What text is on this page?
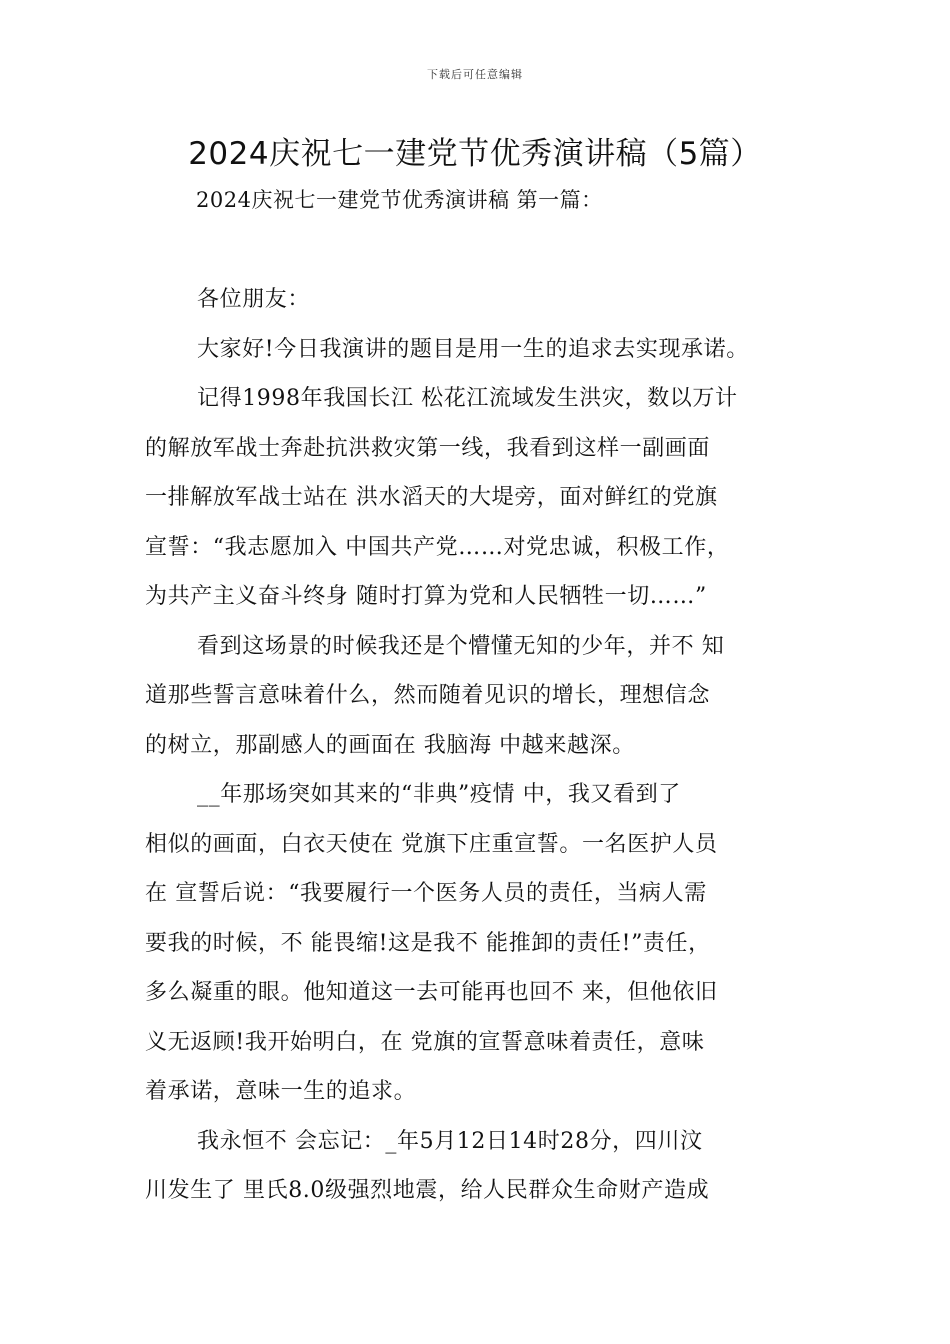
下载后可任意编辑
2024庆祝七一建党节优秀演讲稿（5篇）
2024庆祝七一建党节优秀演讲稿 第一篇：
各位朋友：
大家好!今日我演讲的题目是用一生的追求去实现承诺。
记得1998年我国长江 松花江流域发生洪灾，数以万计
的解放军战士奔赴抗洪救灾第一线，我看到这样一副画面
一排解放军战士站在 洪水滔天的大堤旁，面对鲜红的党旗
宣誓：“我志愿加入 中国共产党……对党忠诚，积极工作，
为共产主义奋斗终身 随时打算为党和人民牺牲一切……”
看到这场景的时候我还是个懵懂无知的少年，并不 知
道那些誓言意味着什么，然而随着见识的增长，理想信念
的树立，那副感人的画面在 我脑海 中越来越深。
__年那场突如其来的“非典”疫情 中，我又看到了
相似的画面，白衣天使在 党旗下庄重宣誓。一名医护人员
在 宣誓后说：“我要履行一个医务人员的责任，当病人需
要我的时候，不 能畏缩!这是我不 能推卸的责任!”责任，
多么凝重的眼。他知道这一去可能再也回不 来，但他依旧
义无返顾!我开始明白，在 党旗的宣誓意味着责任，意味
着承诺，意味一生的追求。
我永恒不 会忘记：_年5月12日14时28分，四川汶
川发生了 里氏8.0级强烈地震，给人民群众生命财产造成
